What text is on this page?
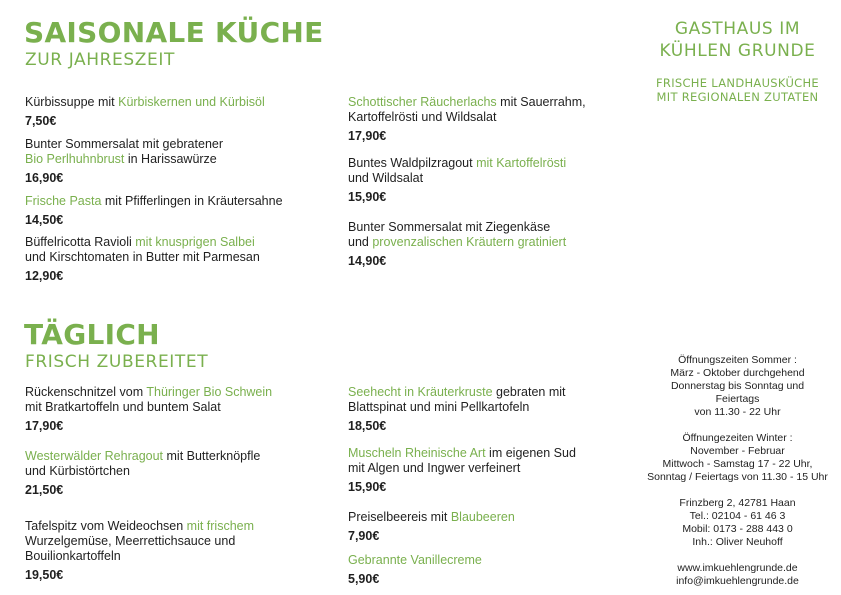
SAISONALE KÜCHE
ZUR JAHRESZEIT
Kürbissuppe mit Kürbiskernen und Kürbisöl
7,50€
Bunter Sommersalat mit gebratener
Bio Perlhuhnbrust in Harissawürze
16,90€
Frische Pasta mit Pfifferlingen in Kräutersahne
14,50€
Büffelricotta Ravioli mit knusprigen Salbei
und Kirschtomaten in Butter mit Parmesan
12,90€
Schottischer Räucherlachs mit Sauerrahm,
Kartoffelrösti und Wildsalat
17,90€
Buntes Waldpilzragout mit Kartoffelrösti
und Wildsalat
15,90€
Bunter Sommersalat mit Ziegenkäse
und provenzalischen Kräutern gratiniert
14,90€
TÄGLICH
FRISCH ZUBEREITET
Rückenschnitzel vom Thüringer Bio Schwein
mit Bratkartoffeln und buntem Salat
17,90€
Westerwälder Rehragout mit Butterknöpfle
und Kürbistörtchen
21,50€
Tafelspitz vom Weideochsen mit frischem
Wurzelgemüse, Meerrettichsauce und
Bouilionkartoffeln
19,50€
Seehecht in Kräuterkruste gebraten mit
Blattspinat und mini Pellkartofeln
18,50€
Muscheln Rheinische Art im eigenen Sud
mit Algen und Ingwer verfeinert
15,90€
Preiselbeereis mit Blaubeeren
7,90€
Gebrannte Vanillecreme
5,90€
GASTHAUS IM
KÜHLEN GRUNDE
FRISCHE LANDHAUSKÜCHE
MIT REGIONALEN ZUTATEN
Öffnungszeiten Sommer :
März - Oktober durchgehend
Donnerstag bis Sonntag und
Feiertags
von 11.30 - 22 Uhr
Öffnungezeiten Winter :
November - Februar
Mittwoch - Samstag 17 - 22 Uhr,
Sonntag / Feiertags von 11.30 - 15 Uhr
Frinzberg 2, 42781 Haan
Tel.: 02104 - 61 46 3
Mobil: 0173 - 288 443 0
Inh.: Oliver Neuhoff
www.imkuehlengrunde.de
info@imkuehlengrunde.de
